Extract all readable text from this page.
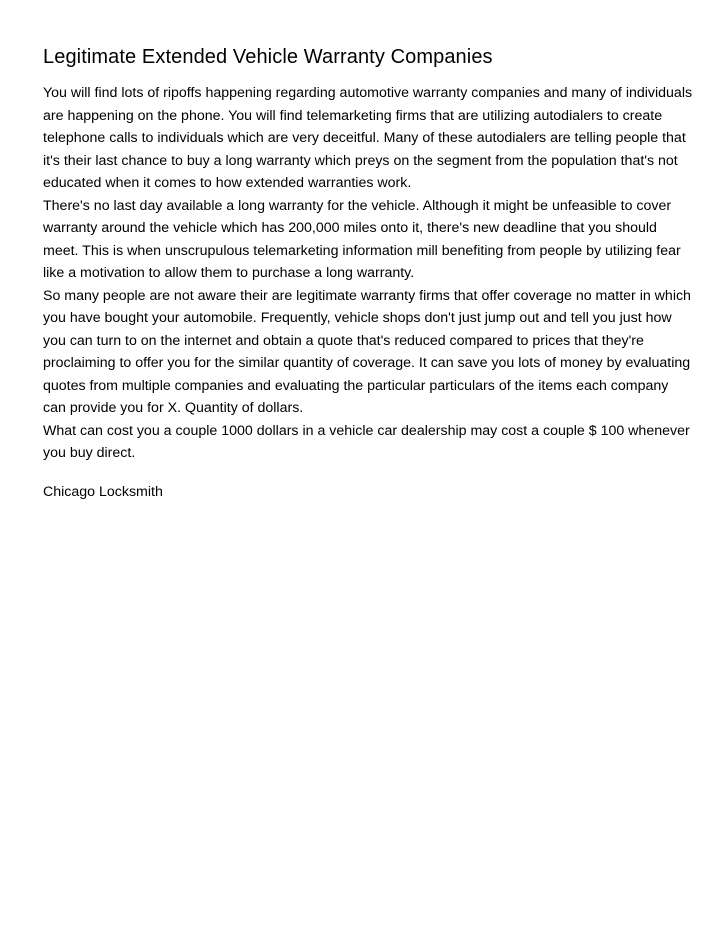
Legitimate Extended Vehicle Warranty Companies

You will find lots of ripoffs happening regarding automotive warranty companies and many of individuals are happening on the phone. You will find telemarketing firms that are utilizing autodialers to create telephone calls to individuals which are very deceitful. Many of these autodialers are telling people that it's their last chance to buy a long warranty which preys on the segment from the population that's not educated when it comes to how extended warranties work.

There's no last day available a long warranty for the vehicle. Although it might be unfeasible to cover warranty around the vehicle which has 200,000 miles onto it, there's new deadline that you should meet. This is when unscrupulous telemarketing information mill benefiting from people by utilizing fear like a motivation to allow them to purchase a long warranty.

So many people are not aware their are legitimate warranty firms that offer coverage no matter in which you have bought your automobile. Frequently, vehicle shops don't just jump out and tell you just how you can turn to on the internet and obtain a quote that's reduced compared to prices that they're proclaiming to offer you for the similar quantity of coverage. It can save you lots of money by evaluating quotes from multiple companies and evaluating the particular particulars of the items each company can provide you for X. Quantity of dollars.

What can cost you a couple 1000 dollars in a vehicle car dealership may cost a couple $ 100 whenever you buy direct.

Chicago Locksmith
